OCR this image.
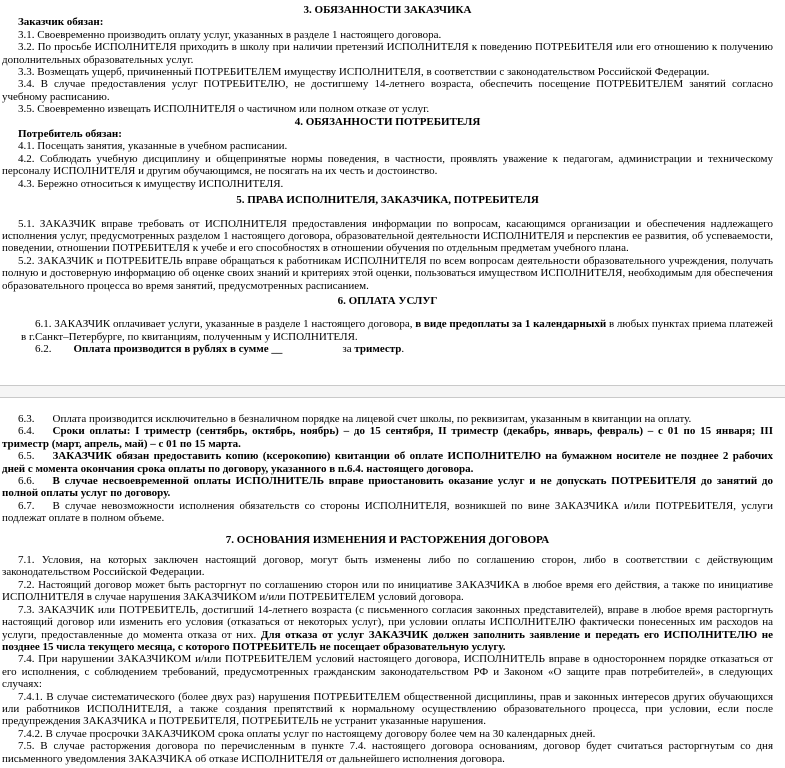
3. ОБЯЗАННОСТИ ЗАКАЗЧИКА
Заказчик обязан:
3.1. Своевременно производить оплату услуг, указанных в разделе 1 настоящего договора.
3.2. По просьбе ИСПОЛНИТЕЛЯ приходить в школу при наличии претензий ИСПОЛНИТЕЛЯ к поведению ПОТРЕБИТЕЛЯ или его отношению к получению дополнительных образовательных услуг.
3.3. Возмещать ущерб, причиненный ПОТРЕБИТЕЛЕМ имуществу ИСПОЛНИТЕЛЯ, в соответствии с законодательством Российской Федерации.
3.4. В случае предоставления услуг ПОТРЕБИТЕЛЮ, не достигшему 14-летнего возраста, обеспечить посещение ПОТРЕБИТЕЛЕМ занятий согласно учебному расписанию.
3.5. Своевременно извещать ИСПОЛНИТЕЛЯ о частичном или полном отказе от услуг.
4. ОБЯЗАННОСТИ ПОТРЕБИТЕЛЯ
Потребитель обязан:
4.1. Посещать занятия, указанные в учебном расписании.
4.2. Соблюдать учебную дисциплину и общепринятые нормы поведения, в частности, проявлять уважение к педагогам, администрации и техническому персоналу ИСПОЛНИТЕЛЯ и другим обучающимся, не посягать на их честь и достоинство.
4.3. Бережно относиться к имуществу ИСПОЛНИТЕЛЯ.
5. ПРАВА ИСПОЛНИТЕЛЯ, ЗАКАЗЧИКА, ПОТРЕБИТЕЛЯ
5.1. ЗАКАЗЧИК вправе требовать от ИСПОЛНИТЕЛЯ предоставления информации по вопросам, касающимся организации и обеспечения надлежащего исполнения услуг, предусмотренных разделом 1 настоящего договора, образовательной деятельности ИСПОЛНИТЕЛЯ и перспектив ее развития, об успеваемости, поведении, отношении ПОТРЕБИТЕЛЯ к учебе и его способностях в отношении обучения по отдельным предметам учебного плана.
5.2. ЗАКАЗЧИК и ПОТРЕБИТЕЛЬ вправе обращаться к работникам ИСПОЛНИТЕЛЯ по всем вопросам деятельности образовательного учреждения, получать полную и достоверную информацию об оценке своих знаний и критериях этой оценки, пользоваться имуществом ИСПОЛНИТЕЛЯ, необходимым для обеспечения образовательного процесса во время занятий, предусмотренных расписанием.
6. ОПЛАТА УСЛУГ
6.1. ЗАКАЗЧИК оплачивает услуги, указанные в разделе 1 настоящего договора, в виде предоплаты за 1 календарныхй в любых пунктах приема платежей в г.Санкт–Петербурге, по квитанциям, полученным у ИСПОЛНИТЕЛЯ.
6.2. Оплата производится в рублях в сумме __	за триместр.
6.3. Оплата производится исключительно в безналичном порядке на лицевой счет школы, по реквизитам, указанным в квитанции на оплату.
6.4. Сроки оплаты: I триместр (сентябрь, октябрь, ноябрь) – до 15 сентября, II триместр (декабрь, январь, февраль) – с 01 по 15 января; III триместр (март, апрель, май) – с 01 по 15 марта.
6.5. ЗАКАЗЧИК обязан предоставить копию (ксерокопию) квитанции об оплате ИСПОЛНИТЕЛЮ на бумажном носителе не позднее 2 рабочих дней с момента окончания срока оплаты по договору, указанного в п.6.4. настоящего договора.
6.6. В случае несвоевременной оплаты ИСПОЛНИТЕЛЬ вправе приостановить оказание услуг и не допускать ПОТРЕБИТЕЛЯ до занятий до полной оплаты услуг по договору.
6.7. В случае невозможности исполнения обязательств со стороны ИСПОЛНИТЕЛЯ, возникшей по вине ЗАКАЗЧИКА и/или ПОТРЕБИТЕЛЯ, услуги подлежат оплате в полном объеме.
7. ОСНОВАНИЯ ИЗМЕНЕНИЯ И РАСТОРЖЕНИЯ ДОГОВОРА
7.1. Условия, на которых заключен настоящий договор, могут быть изменены либо по соглашению сторон, либо в соответствии с действующим законодательством Российской Федерации.
7.2. Настоящий договор может быть расторгнут по соглашению сторон или по инициативе ЗАКАЗЧИКА в любое время его действия, а также по инициативе ИСПОЛНИТЕЛЯ в случае нарушения ЗАКАЗЧИКОМ и/или ПОТРЕБИТЕЛЕМ условий договора.
7.3. ЗАКАЗЧИК или ПОТРЕБИТЕЛЬ, достигший 14-летнего возраста (с письменного согласия законных представителей), вправе в любое время расторгнуть настоящий договор или изменить его условия (отказаться от некоторых услуг), при условии оплаты ИСПОЛНИТЕЛЮ фактически понесенных им расходов на услуги, предоставленные до момента отказа от них. Для отказа от услуг ЗАКАЗЧИК должен заполнить заявление и передать его ИСПОЛНИТЕЛЮ не позднее 15 числа текущего месяца, с которого ПОТРЕБИТЕЛЬ не посещает образовательную услугу.
7.4. При нарушении ЗАКАЗЧИКОМ и/или ПОТРЕБИТЕЛЕМ условий настоящего договора, ИСПОЛНИТЕЛЬ вправе в одностороннем порядке отказаться от его исполнения, с соблюдением требований, предусмотренных гражданским законодательством РФ и Законом «О защите прав потребителей», в следующих случаях:
7.4.1. В случае систематического (более двух раз) нарушения ПОТРЕБИТЕЛЕМ общественной дисциплины, прав и законных интересов других обучающихся или работников ИСПОЛНИТЕЛЯ, а также создания препятствий к нормальному осуществлению образовательного процесса, при условии, если после предупреждения ЗАКАЗЧИКА и ПОТРЕБИТЕЛЯ, ПОТРЕБИТЕЛЬ не устранит указанные нарушения.
7.4.2. В случае просрочки ЗАКАЗЧИКОМ срока оплаты услуг по настоящему договору более чем на 30 календарных дней.
7.5. В случае расторжения договора по перечисленным в пункте 7.4. настоящего договора основаниям, договор будет считаться расторгнутым со дня письменного уведомления ЗАКАЗЧИКА об отказе ИСПОЛНИТЕЛЯ от дальнейшего исполнения договора.
